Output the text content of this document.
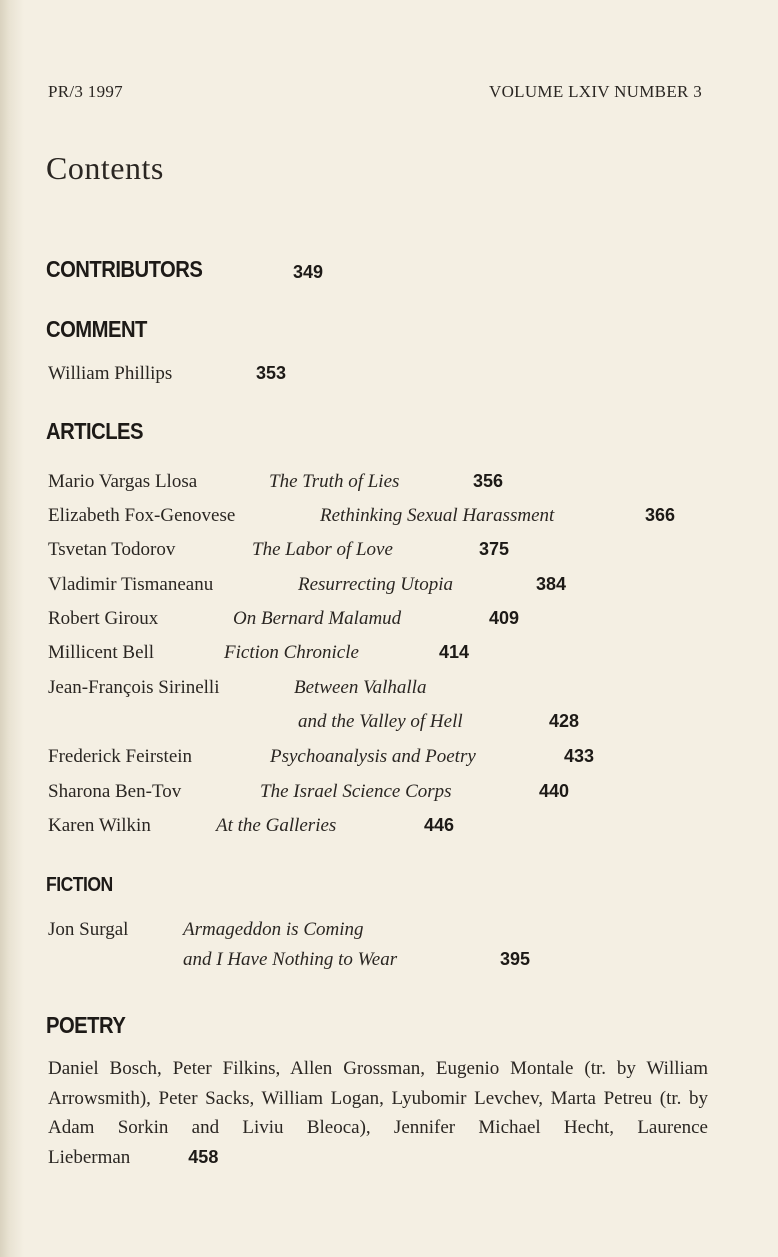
PR/3 1997	VOLUME LXIV NUMBER 3
Contents
CONTRIBUTORS	349
COMMENT
William Phillips	353
ARTICLES
Mario Vargas Llosa	The Truth of Lies	356
Elizabeth Fox-Genovese	Rethinking Sexual Harassment	366
Tsvetan Todorov	The Labor of Love	375
Vladimir Tismaneanu	Resurrecting Utopia	384
Robert Giroux	On Bernard Malamud	409
Millicent Bell	Fiction Chronicle	414
Jean-François Sirinelli	Between Valhalla
and the Valley of Hell	428
Frederick Feirstein	Psychoanalysis and Poetry	433
Sharona Ben-Tov	The Israel Science Corps	440
Karen Wilkin	At the Galleries	446
FICTION
Jon Surgal	Armageddon is Coming
and I Have Nothing to Wear	395
POETRY
Daniel Bosch, Peter Filkins, Allen Grossman, Eugenio Montale (tr. by William Arrowsmith), Peter Sacks, William Logan, Lyubomir Levchev, Marta Petreu (tr. by Adam Sorkin and Liviu Bleoca), Jennifer Michael Hecht, Laurence Lieberman	458
